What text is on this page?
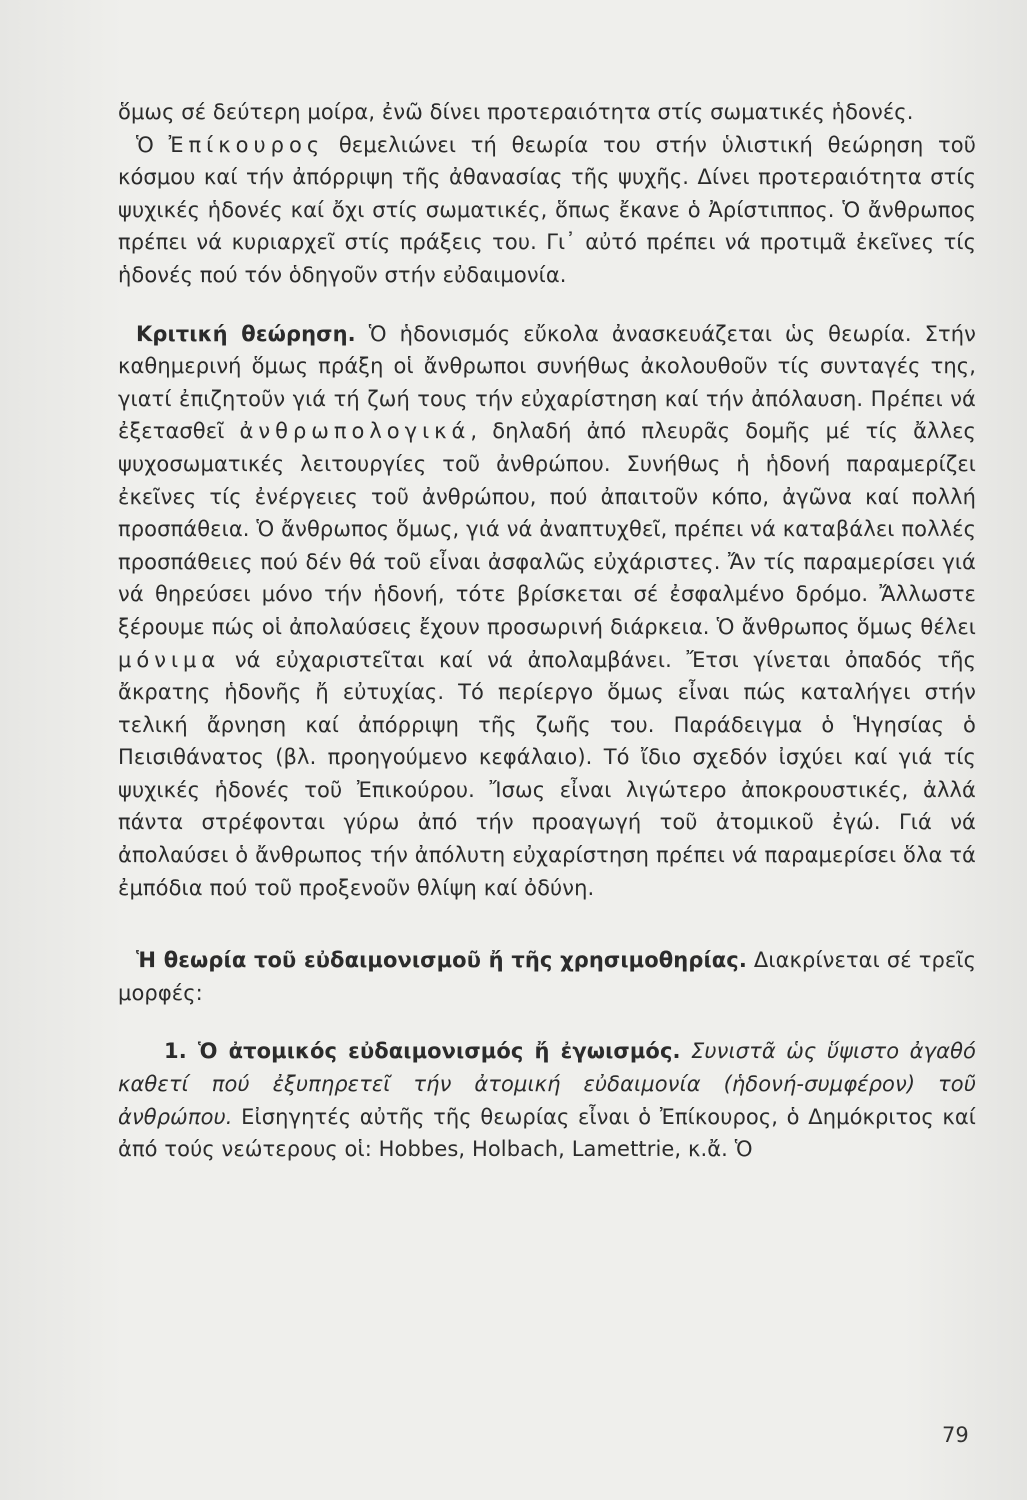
ὅμως σέ δεύτερη μοίρα, ἐνῶ δίνει προτεραιότητα στίς σωματικές ἡδονές.

Ὁ Ἐπίκουρος θεμελιώνει τή θεωρία του στήν ὑλιστική θεώρηση τοῦ κόσμου καί τήν ἀπόρριψη τῆς ἀθανασίας τῆς ψυχῆς. Δίνει προτεραιότητα στίς ψυχικές ἡδονές καί ὄχι στίς σωματικές, ὅπως ἔκανε ὁ Ἀρίστιππος. Ὁ ἄνθρωπος πρέπει νά κυριαρχεῖ στίς πράξεις του. Γι᾿ αὐτό πρέπει νά προτιμᾶ ἐκεῖνες τίς ἡδονές πού τόν ὁδηγοῦν στήν εὐδαιμονία.

Κριτική θεώρηση. Ὁ ἡδονισμός εὔκολα ἀνασκευάζεται ὡς θεωρία. Στήν καθημερινή ὅμως πράξη οἱ ἄνθρωποι συνήθως ἀκολουθοῦν τίς συνταγές της, γιατί ἐπιζητοῦν γιά τή ζωή τους τήν εὐχαρίστηση καί τήν ἀπόλαυση. Πρέπει νά ἐξετασθεῖ ἀνθρωπολογικά, δηλαδή ἀπό πλευρᾶς δομῆς μέ τίς ἄλλες ψυχοσωματικές λειτουργίες τοῦ ἀνθρώπου. Συνήθως ἡ ἡδονή παραμερίζει ἐκεῖνες τίς ἐνέργειες τοῦ ἀνθρώπου, πού ἀπαιτοῦν κόπο, ἀγῶνα καί πολλή προσπάθεια. Ὁ ἄνθρωπος ὅμως, γιά νά ἀναπτυχθεῖ, πρέπει νά καταβάλει πολλές προσπάθειες πού δέν θά τοῦ εἶναι ἀσφαλῶς εὐχάριστες. Ἄν τίς παραμερίσει γιά νά θηρεύσει μόνο τήν ἡδονή, τότε βρίσκεται σέ ἐσφαλμένο δρόμο. Ἄλλωστε ξέρουμε πώς οἱ ἀπολαύσεις ἔχουν προσωρινή διάρκεια. Ὁ ἄνθρωπος ὅμως θέλει μόνιμα νά εὐχαριστεῖται καί νά ἀπολαμβάνει. Ἔτσι γίνεται ὀπαδός τῆς ἄκρατης ἡδονῆς ἤ εὐτυχίας. Τό περίεργο ὅμως εἶναι πώς καταλήγει στήν τελική ἄρνηση καί ἀπόρριψη τῆς ζωῆς του. Παράδειγμα ὁ Ἡγησίας ὁ Πεισιθάνατος (βλ. προηγούμενο κεφάλαιο). Τό ἴδιο σχεδόν ἰσχύει καί γιά τίς ψυχικές ἡδονές τοῦ Ἐπικούρου. Ἴσως εἶναι λιγώτερο ἀποκρουστικές, ἀλλά πάντα στρέφονται γύρω ἀπό τήν προαγωγή τοῦ ἀτομικοῦ ἐγώ. Γιά νά ἀπολαύσει ὁ ἄνθρωπος τήν ἀπόλυτη εὐχαρίστηση πρέπει νά παραμερίσει ὅλα τά ἐμπόδια πού τοῦ προξενοῦν θλίψη καί ὀδύνη.

Ἡ θεωρία τοῦ εὐδαιμονισμοῦ ἤ τῆς χρησιμοθηρίας. Διακρίνεται σέ τρεῖς μορφές:

1. Ὁ ἀτομικός εὐδαιμονισμός ἤ ἐγωισμός. Συνιστᾶ ὡς ὕψιστο ἀγαθό καθετί πού ἐξυπηρετεῖ τήν ἀτομική εὐδαιμονία (ἡδονή-συμφέρον) τοῦ ἀνθρώπου. Εἰσηγητές αὐτῆς τῆς θεωρίας εἶναι ὁ Ἐπίκουρος, ὁ Δημόκριτος καί ἀπό τούς νεώτερους οἱ: Hobbes, Holbach, Lamettrie, κ.ἄ. Ὁ

79
